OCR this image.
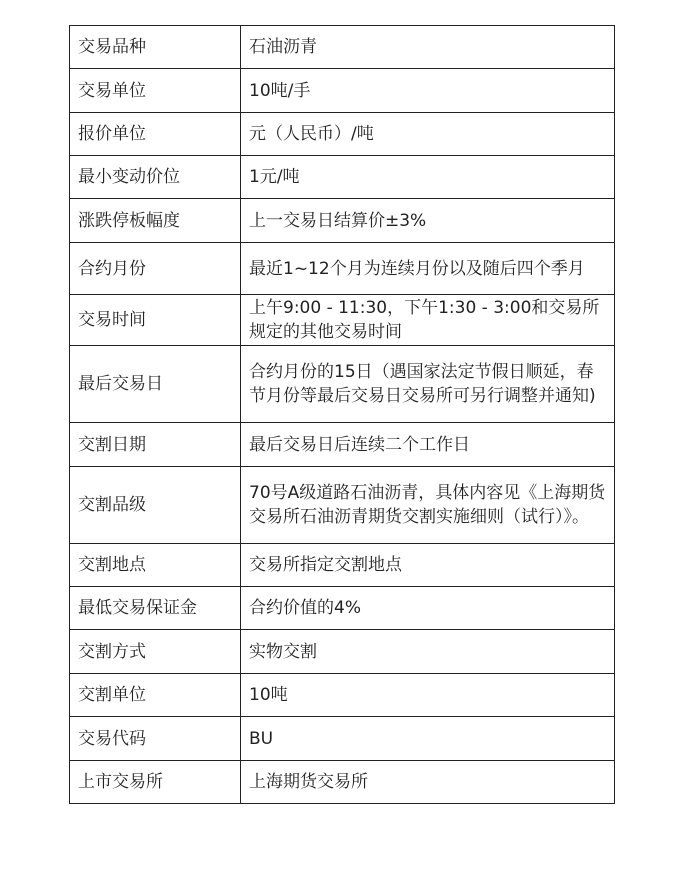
交易品种	石油沥青
交易单位	10吨/手
报价单位	元（人民币）/吨
最小变动价位	1元/吨
涨跌停板幅度	上一交易日结算价±3%
合约月份	最近1~12个月为连续月份以及随后四个季月
交易时间	上午9:00 - 11:30，下午1:30 - 3:00和交易所规定的其他交易时间
最后交易日	合约月份的15日（遇国家法定节假日顺延，春节月份等最后交易日交易所可另行调整并通知)
交割日期	最后交易日后连续二个工作日
交割品级	70号A级道路石油沥青，具体内容见《上海期货交易所石油沥青期货交割实施细则（试行）》。
交割地点	交易所指定交割地点
最低交易保证金	合约价值的4%
交割方式	实物交割
交割单位	10吨
交易代码	BU
上市交易所	上海期货交易所
